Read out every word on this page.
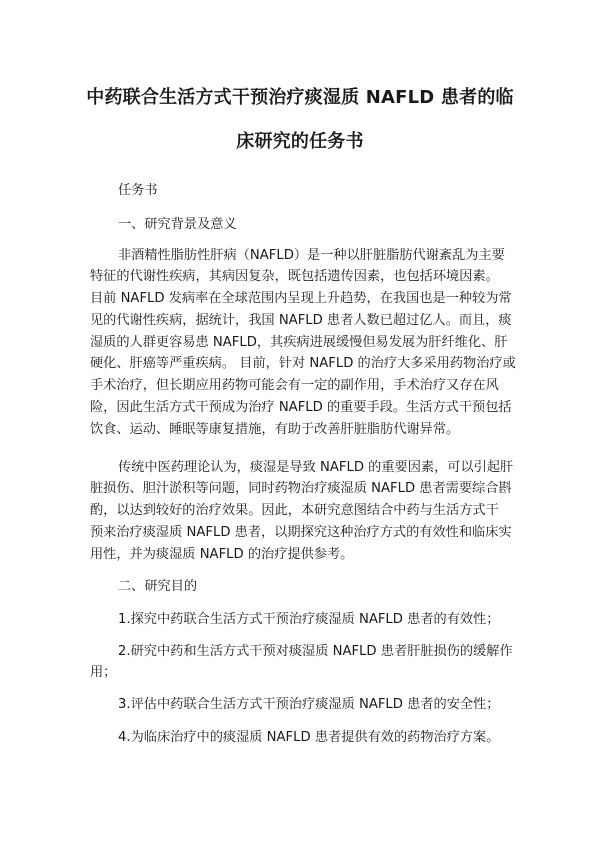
中药联合生活方式干预治疗痰湿质 NAFLD 患者的临
床研究的任务书
任务书
一、研究背景及意义
非酒精性脂肪性肝病（NAFLD）是一种以肝脏脂肪代谢紊乱为主要
特征的代谢性疾病，其病因复杂，既包括遗传因素，也包括环境因素。
目前 NAFLD 发病率在全球范围内呈现上升趋势，在我国也是一种较为常
见的代谢性疾病，据统计，我国 NAFLD 患者人数已超过亿人。而且，痰
湿质的人群更容易患 NAFLD，其疾病进展缓慢但易发展为肝纤维化、肝
硬化、肝癌等严重疾病。 目前，针对 NAFLD 的治疗大多采用药物治疗或
手术治疗，但长期应用药物可能会有一定的副作用，手术治疗又存在风
险，因此生活方式干预成为治疗 NAFLD 的重要手段。生活方式干预包括
饮食、运动、睡眠等康复措施，有助于改善肝脏脂肪代谢异常。
传统中医药理论认为，痰湿是导致 NAFLD 的重要因素，可以引起肝
脏损伤、胆汁淤积等问题，同时药物治疗痰湿质 NAFLD 患者需要综合斟
酌，以达到较好的治疗效果。因此，本研究意图结合中药与生活方式干
预来治疗痰湿质 NAFLD 患者，以期探究这种治疗方式的有效性和临床实
用性，并为痰湿质 NAFLD 的治疗提供参考。
二、研究目的
1.探究中药联合生活方式干预治疗痰湿质 NAFLD 患者的有效性；
2.研究中药和生活方式干预对痰湿质 NAFLD 患者肝脏损伤的缓解作
用；
3.评估中药联合生活方式干预治疗痰湿质 NAFLD 患者的安全性；
4.为临床治疗中的痰湿质 NAFLD 患者提供有效的药物治疗方案。
